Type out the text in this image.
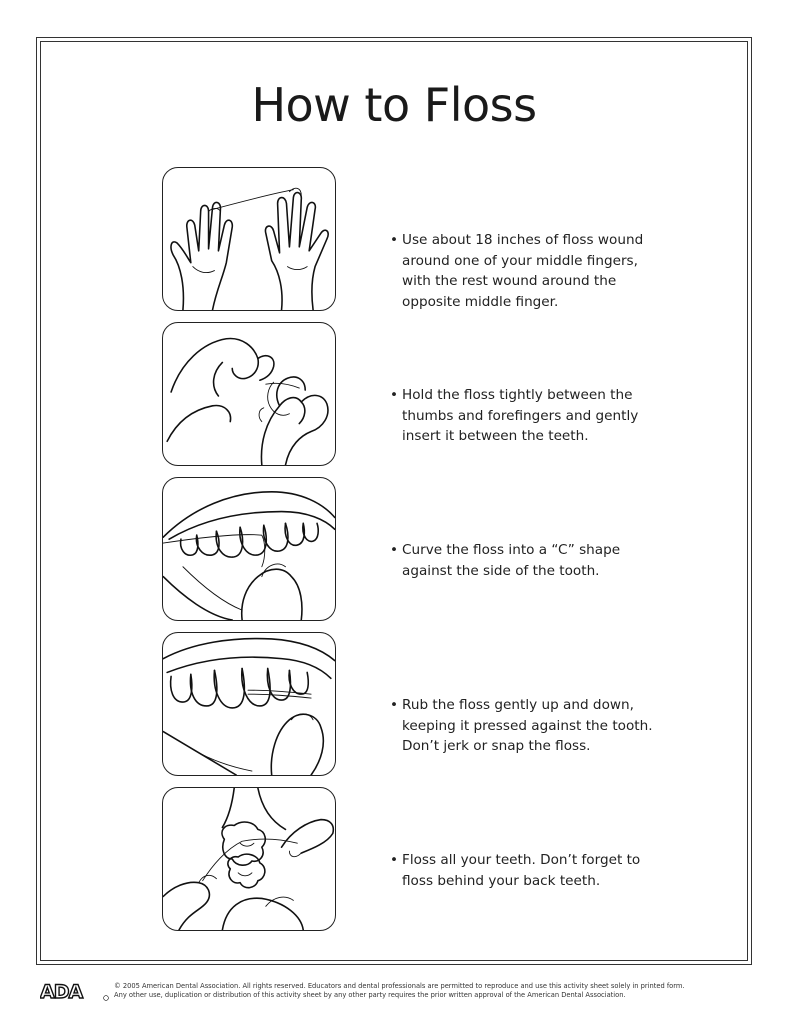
How to Floss

• Use about 18 inches of floss wound around one of your middle fingers, with the rest wound around the opposite middle finger.

• Hold the floss tightly between the thumbs and forefingers and gently insert it between the teeth.

• Curve the floss into a “C” shape against the side of the tooth.

• Rub the floss gently up and down, keeping it pressed against the tooth. Don’t jerk or snap the floss.

• Floss all your teeth. Don’t forget to floss behind your back teeth.

ADA	© 2005 American Dental Association. All rights reserved. Educators and dental professionals are permitted to reproduce and use this activity sheet solely in printed form.
Any other use, duplication or distribution of this activity sheet by any other party requires the prior written approval of the American Dental Association.
